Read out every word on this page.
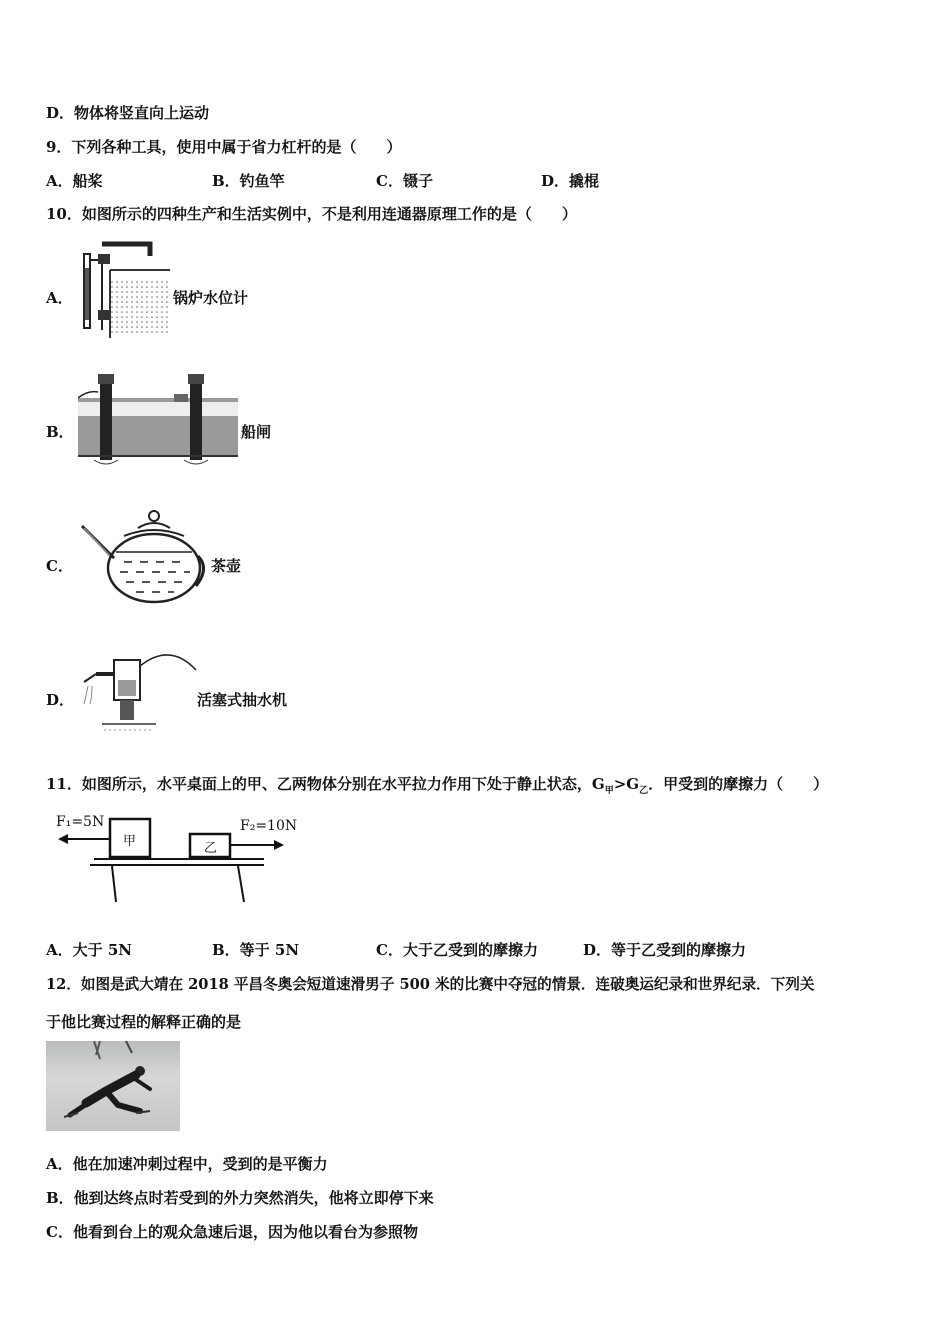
D．物体将竖直向上运动
9．下列各种工具，使用中属于省力杠杆的是（　　）
A．船桨	B．钓鱼竿	C．镊子	D．撬棍
10．如图所示的四种生产和生活实例中，不是利用连通器原理工作的是（　　）
A．	锅炉水位计
B．	船闸
C．	茶壶
D．	活塞式抽水机
11．如图所示，水平桌面上的甲、乙两物体分别在水平拉力作用下处于静止状态，$G_甲>G_乙$．甲受到的摩擦力（　　）
F₁=5N	F₂=10N
甲	乙
A．大于 5N	B．等于 5N	C．大于乙受到的摩擦力	D．等于乙受到的摩擦力
12．如图是武大靖在 2018 平昌冬奥会短道速滑男子 500 米的比赛中夺冠的情景．连破奥运纪录和世界纪录．下列关
于他比赛过程的解释正确的是
A．他在加速冲刺过程中，受到的是平衡力
B．他到达终点时若受到的外力突然消失，他将立即停下来
C．他看到台上的观众急速后退，因为他以看台为参照物
